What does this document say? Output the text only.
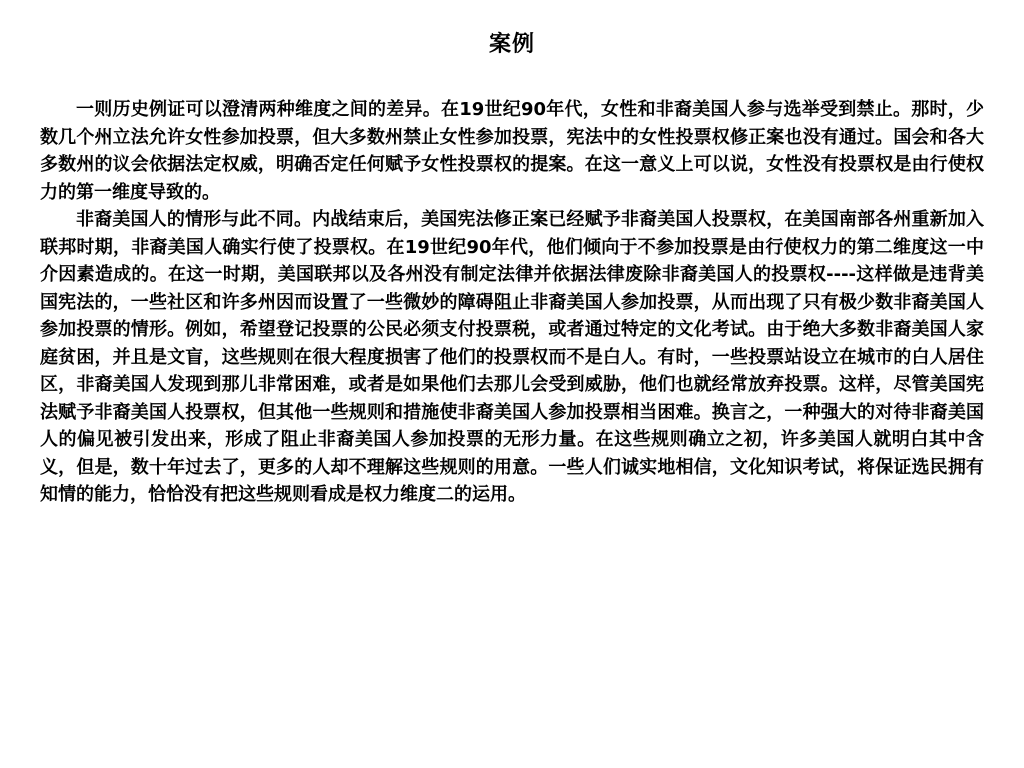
案例

一则历史例证可以澄清两种维度之间的差异。在19世纪90年代，女性和非裔美国人参与选举受到禁止。那时，少数几个州立法允许女性参加投票，但大多数州禁止女性参加投票，宪法中的女性投票权修正案也没有通过。国会和各大多数州的议会依据法定权威，明确否定任何赋予女性投票权的提案。在这一意义上可以说，女性没有投票权是由行使权力的第一维度导致的。

非裔美国人的情形与此不同。内战结束后，美国宪法修正案已经赋予非裔美国人投票权，在美国南部各州重新加入联邦时期，非裔美国人确实行使了投票权。在19世纪90年代，他们倾向于不参加投票是由行使权力的第二维度这一中介因素造成的。在这一时期，美国联邦以及各州没有制定法律并依据法律废除非裔美国人的投票权----这样做是违背美国宪法的，一些社区和许多州因而设置了一些微妙的障碍阻止非裔美国人参加投票，从而出现了只有极少数非裔美国人参加投票的情形。例如，希望登记投票的公民必须支付投票税，或者通过特定的文化考试。由于绝大多数非裔美国人家庭贫困，并且是文盲，这些规则在很大程度损害了他们的投票权而不是白人。有时，一些投票站设立在城市的白人居住区，非裔美国人发现到那儿非常困难，或者是如果他们去那儿会受到威胁，他们也就经常放弃投票。这样，尽管美国宪法赋予非裔美国人投票权，但其他一些规则和措施使非裔美国人参加投票相当困难。换言之，一种强大的对待非裔美国人的偏见被引发出来，形成了阻止非裔美国人参加投票的无形力量。在这些规则确立之初，许多美国人就明白其中含义，但是，数十年过去了，更多的人却不理解这些规则的用意。一些人们诚实地相信，文化知识考试，将保证选民拥有知情的能力，恰恰没有把这些规则看成是权力维度二的运用。
